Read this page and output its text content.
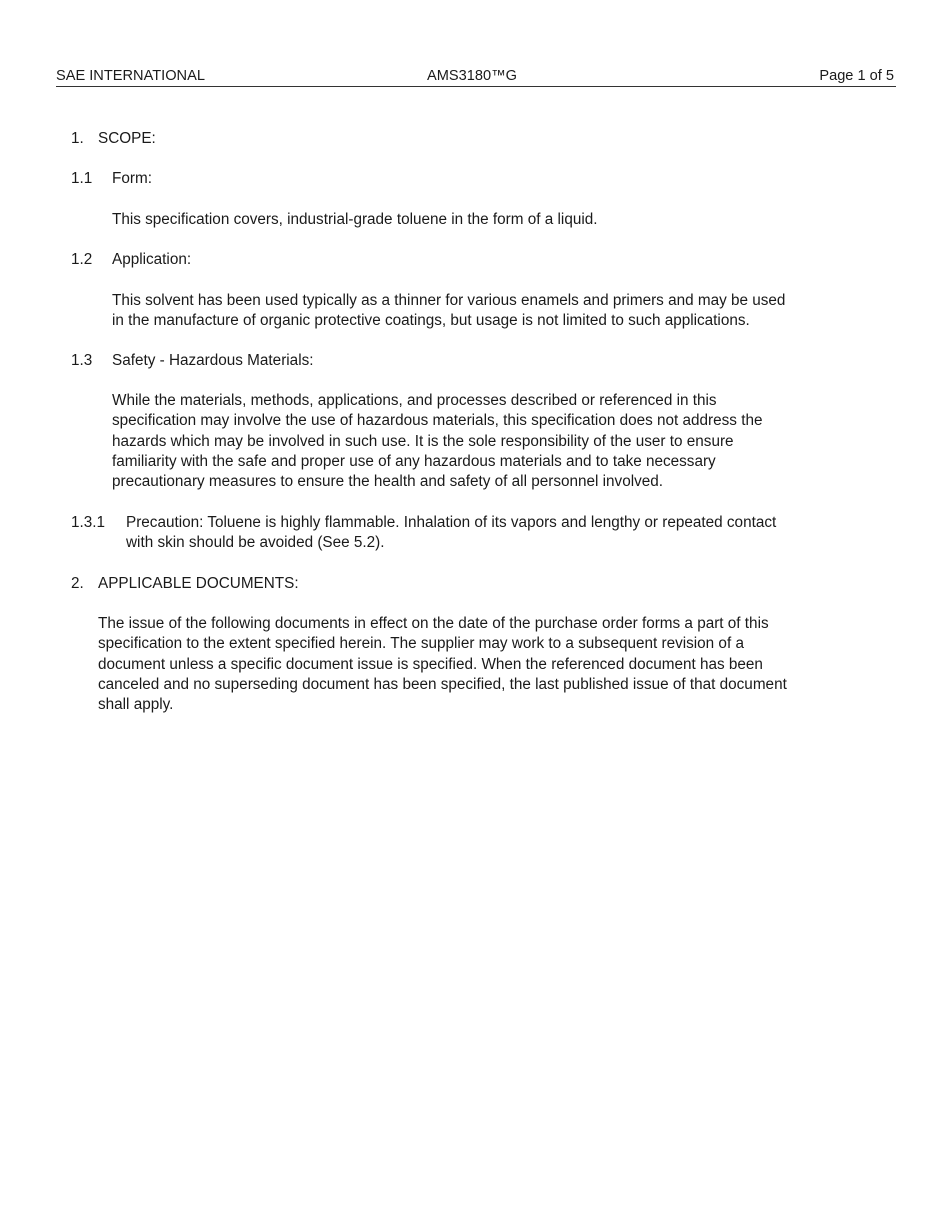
SAE INTERNATIONAL	AMS3180™G	Page 1 of 5
1. SCOPE:
1.1 Form:
This specification covers, industrial-grade toluene in the form of a liquid.
1.2 Application:
This solvent has been used typically as a thinner for various enamels and primers and may be used
in the manufacture of organic protective coatings, but usage is not limited to such applications.
1.3 Safety - Hazardous Materials:
While the materials, methods, applications, and processes described or referenced in this
specification may involve the use of hazardous materials, this specification does not address the
hazards which may be involved in such use. It is the sole responsibility of the user to ensure
familiarity with the safe and proper use of any hazardous materials and to take necessary
precautionary measures to ensure the health and safety of all personnel involved.
1.3.1 Precaution: Toluene is highly flammable. Inhalation of its vapors and lengthy or repeated contact
with skin should be avoided (See 5.2).
2. APPLICABLE DOCUMENTS:
The issue of the following documents in effect on the date of the purchase order forms a part of this
specification to the extent specified herein. The supplier may work to a subsequent revision of a
document unless a specific document issue is specified. When the referenced document has been
canceled and no superseding document has been specified, the last published issue of that document
shall apply.
